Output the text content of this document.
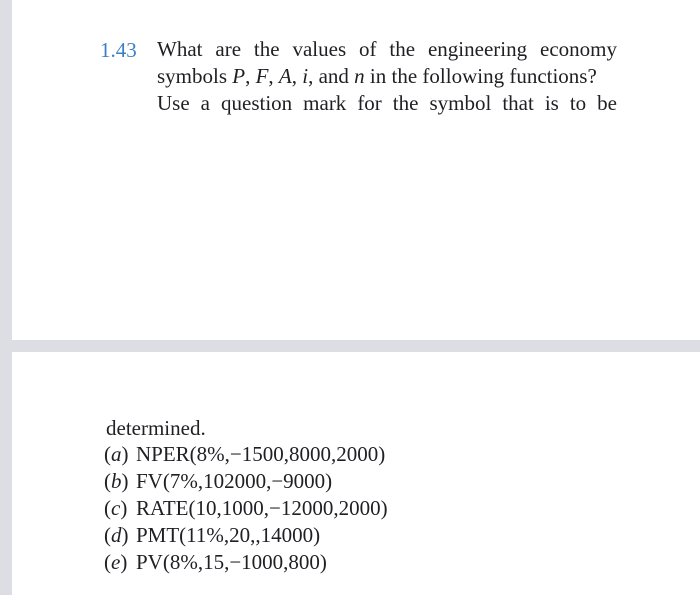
1.43 What are the values of the engineering economy
symbols P, F, A, i, and n in the following functions?
Use a question mark for the symbol that is to be
determined.
(a) NPER(8%,−1500,8000,2000)
(b) FV(7%,102000,−9000)
(c) RATE(10,1000,−12000,2000)
(d) PMT(11%,20,,14000)
(e) PV(8%,15,−1000,800)
